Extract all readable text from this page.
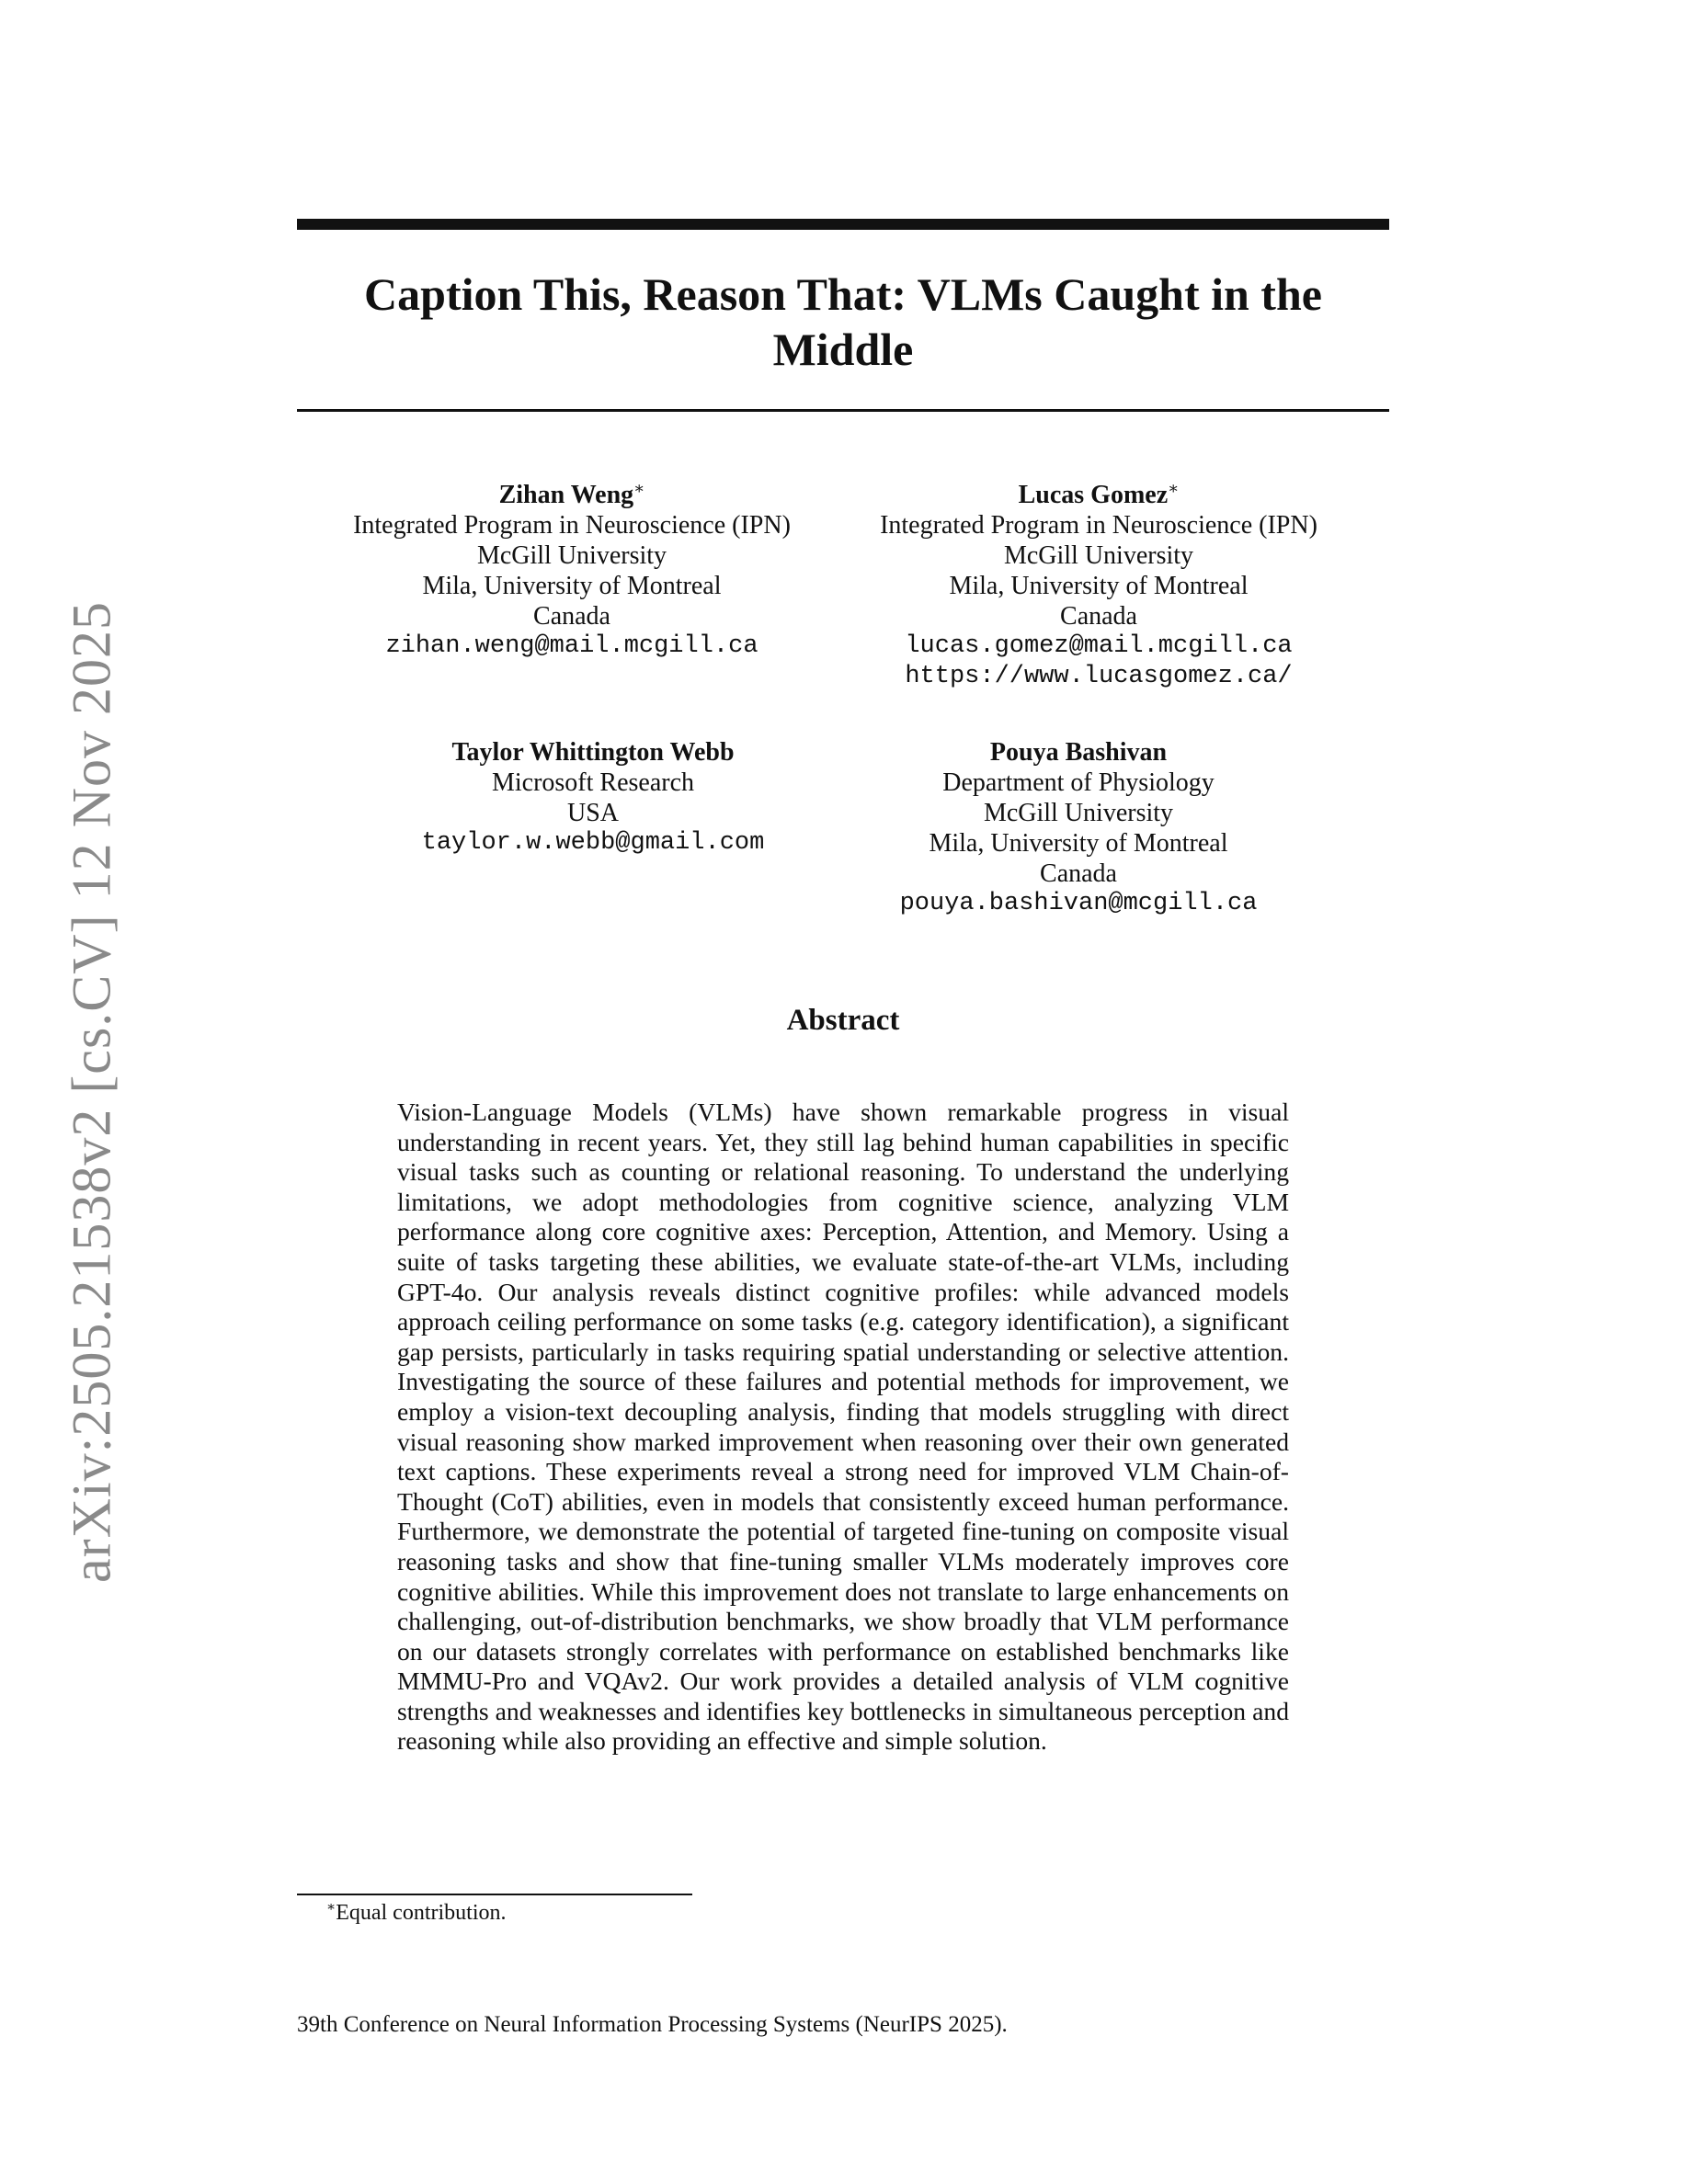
arXiv:2505.21538v2 [cs.CV] 12 Nov 2025
Caption This, Reason That: VLMs Caught in the Middle
Zihan Weng∗
Integrated Program in Neuroscience (IPN)
McGill University
Mila, University of Montreal
Canada
zihan.weng@mail.mcgill.ca
Lucas Gomez∗
Integrated Program in Neuroscience (IPN)
McGill University
Mila, University of Montreal
Canada
lucas.gomez@mail.mcgill.ca
https://www.lucasgomez.ca/
Taylor Whittington Webb
Microsoft Research
USA
taylor.w.webb@gmail.com
Pouya Bashivan
Department of Physiology
McGill University
Mila, University of Montreal
Canada
pouya.bashivan@mcgill.ca
Abstract

Vision-Language Models (VLMs) have shown remarkable progress in visual understanding in recent years. Yet, they still lag behind human capabilities in specific visual tasks such as counting or relational reasoning. To understand the underlying limitations, we adopt methodologies from cognitive science, analyzing VLM performance along core cognitive axes: Perception, Attention, and Memory. Using a suite of tasks targeting these abilities, we evaluate state-of-the-art VLMs, including GPT-4o. Our analysis reveals distinct cognitive profiles: while advanced models approach ceiling performance on some tasks (e.g. category identification), a significant gap persists, particularly in tasks requiring spatial understanding or selective attention. Investigating the source of these failures and potential methods for improvement, we employ a vision-text decoupling analysis, finding that models struggling with direct visual reasoning show marked improvement when reasoning over their own generated text captions. These experiments reveal a strong need for improved VLM Chain-of-Thought (CoT) abilities, even in models that consistently exceed human performance. Furthermore, we demonstrate the potential of targeted fine-tuning on composite visual reasoning tasks and show that fine-tuning smaller VLMs moderately improves core cognitive abilities. While this improvement does not translate to large enhancements on challenging, out-of-distribution benchmarks, we show broadly that VLM performance on our datasets strongly correlates with performance on established benchmarks like MMMU-Pro and VQAv2. Our work provides a detailed analysis of VLM cognitive strengths and weaknesses and identifies key bottlenecks in simultaneous perception and reasoning while also providing an effective and simple solution.

∗Equal contribution.
39th Conference on Neural Information Processing Systems (NeurIPS 2025).
